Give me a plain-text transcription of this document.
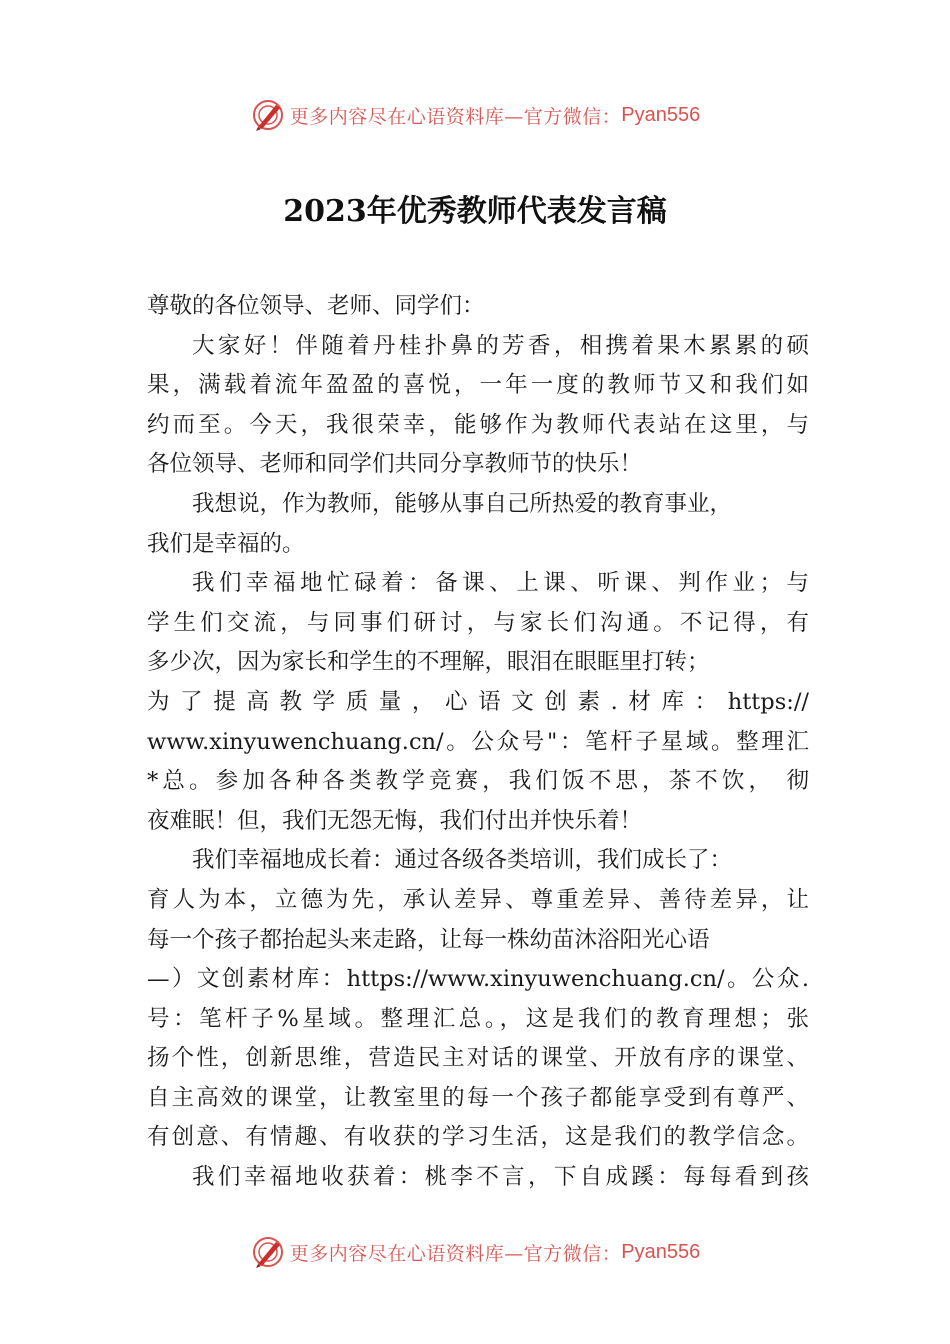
更多内容尽在心语资料库—官方微信： Pyan556
2023年优秀教师代表发言稿

尊敬的各位领导、老师、同学们：

大家好！伴随着丹桂扑鼻的芳香，相携着果木累累的硕

果，满载着流年盈盈的喜悦，一年一度的教师节又和我们如
约而至。今天，我很荣幸，能够作为教师代表站在这里，与
各位领导、老师和同学们共同分享教师节的快乐！

我想说，作为教师，能够从事自己所热爱的教育事业，

我们是幸福的。

我们幸福地忙碌着：备课、上课、听课、判作业；与

学生们交流，与同事们研讨，与家长们沟通。不记得，有
多少次，因为家长和学生的不理解，眼泪在眼眶里打转；
为了提高教学质量，心语文创素.材库：https://
www.xinyuwenchuang.cn/。公众号"：笔杆子星域。整理汇
*总。参加各种各类教学竞赛，我们饭不思，茶不饮， 彻
夜难眠！但，我们无怨无悔，我们付出并快乐着！

我们幸福地成长着：通过各级各类培训，我们成长了：

育人为本，立德为先，承认差异、尊重差异、善待差异，让
每一个孩子都抬起头来走路，让每一株幼苗沐浴阳光心语
—）文创素材库：https://www.xinyuwenchuang.cn/。公众.
号：笔杆子%星域。整理汇总。，这是我们的教育理想；张
扬个性，创新思维，营造民主对话的课堂、开放有序的课堂、
自主高效的课堂，让教室里的每一个孩子都能享受到有尊严、
有创意、有情趣、有收获的学习生活，这是我们的教学信念。

我们幸福地收获着：桃李不言，下自成蹊：每每看到孩

更多内容尽在心语资料库—官方微信： Pyan556
